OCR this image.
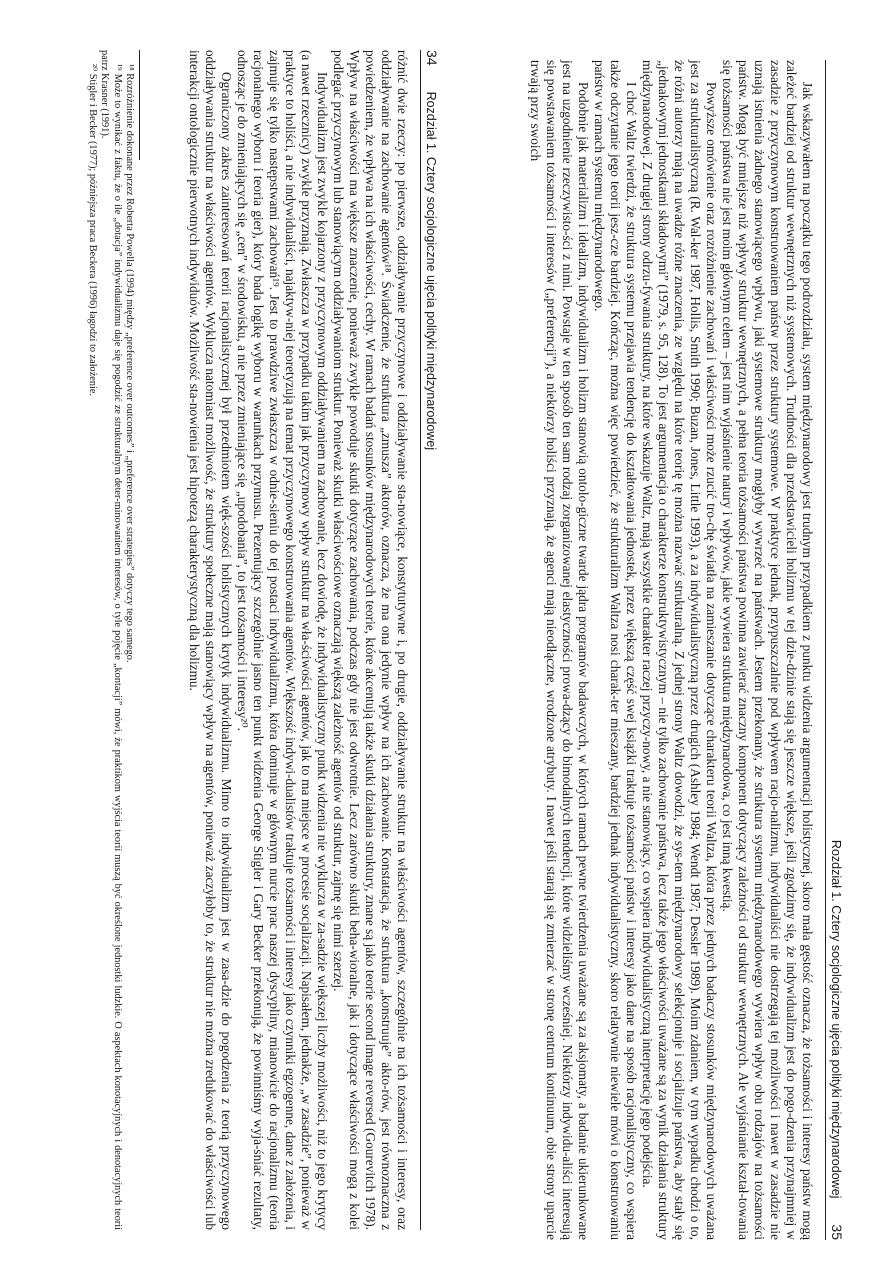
34
Rozdział 1. Cztery socjologiczne ujęcia polityki międzynarodowej

różnić dwie rzeczy: po pierwsze, oddziaływanie przyczynowe i oddziaływanie sta-nowiące, konstytutywne i, po drugie, oddziaływanie struktur na właściwości agentów, szczególnie na ich tożsamości i interesy, oraz oddziaływanie na zachowanie agentów¹⁸. Świadczenie, że struktura „zmusza” aktorów, oznacza, że ma ona jedynie wpływ na ich zachowanie. Konstatacja, że struktura „konstruuje” akto-rów, jest równoznaczna z powiedzeniem, że wpływa na ich właściwości, cechy. W ramach badań stosunków międzynarodowych teorie, które akcentują także skutki działania struktury, znane są jako teorie second image reversed (Gourevitch 1978). Wpływ na właściwości ma większe znaczenie, ponieważ zwykle powoduje skutki dotyczące zachowania, podczas gdy nie jest odwrotnie. Lecz zarówno skutki beha-wioralne, jak i dotyczące właściwości mogą z kolei podlegać przyczynowym lub stanowiącym oddziaływaniom struktur. Ponieważ skutki właściwościowe oznaczają większą zależność agentów od struktur, zajmę się nimi szerzej.

Indywidualizm jest zwykle kojarzony z przyczynowym oddziaływaniem na zachowanie, lecz dowiodę, że indywidualistyczny punkt widzenia nie wyklucza w za-sadzie większej liczby możliwości, niż to jego krytycy (a nawet rzecznicy) zwykle przyznają. Zwłaszcza w przypadku takim jak przyczynowy wpływ struktur na wła-ściwości agentów, jak to ma miejsce w procesie socjalizacji. Napisałem, jednakże, „w zasadzie”, ponieważ w praktyce to holiści, a nie indywidualiści, najaktyw-niej teoretyzują na temat przyczynowego konstruowania agentów. Większość indywi-dualistów traktuje tożsamości i interesy jako czynniki egzogenne, dane z założenia, i zajmuje się tylko następstwami zachowań¹⁹. Jest to prawdziwe zwłaszcza w odnie-sieniu do tej postaci indywidualizmu, która dominuje w głównym nurcie prac naszej dyscypliny, mianowicie do racjonalizmu (teoria racjonalnego wyboru i teoria gier), który bada logikę wyboru w warunkach przymusu. Prezentujący szczególnie jasno ten punkt widzenia George Stigler i Gary Becker przekonują, że powinniśmy wyja-śniać rezultaty, odnosząc je do zmieniających się „cen” w środowisku, a nie przez zmieniające się „upodobania”, to jest tożsamości i interesy²⁰.

Ograniczony zakres zainteresowań teorii racjonalistycznej był przedmiotem więk-szości holistycznych krytyk indywidualizmu. Mimo to indywidualizm jest w zasa-dzie do pogodzenia z teorią przyczynowego oddziaływania struktur na właściwości agentów. Wyklucza natomiast możliwość, że struktury społeczne mają stanowiący wpływ na agentów, ponieważ zaczyłoby to, że struktur nie można zredukować do właściwości lub interakcji ontologicznie pierwotnych indywiduów. Możliwość sta-nowienia jest hipotezą charakterystyczną dla holizmu.

¹⁸ Rozróżnienie dokonane przez Roberta Powella (1994) między „preference over outcomes” i „preference over strategies” dotyczy tego samego.

¹⁹ Może to wynikać z faktu, że o ile „dotacja” indywidualizmu daje się pogodzić ze strukturalnym deter-minowaniem interesów, o tyle pojęcie „kontacji” mówi, że praktikom wyjścia teorii muszą być określone jednostki ludzkie. O aspektach konotacyjnych i denotacyjnych teorii patrz Krasner (1991).

²⁰ Stigler i Becker (1977); późniejsza praca Beckera (1996) łagodzi to założenie.

Rozdział 1. Cztery socjologiczne ujęcia polityki międzynarodowej
35

Jak wskazywałem na początku tego podrozdziału, system międzynarodowy jest trudnym przypadkiem z punktu widzenia argumentacji holistycznej, skoro mała gęstość oznacza, że tożsamości i interesy państw mogą zależeć bardziej od struktur wewnętrznych niż systemowych. Trudności dla przedstawicieli holizmu w tej dzie-dzinie stają się jeszcze większe, jeśli zgodzimy się, że indywidualizm jest do pogo-dzenia przynajmniej w zasadzie z przyczynowym konstruowaniem państw przez struktury systemowe. W praktyce jednak, przypuszczalnie pod wpływem racjo-nalizmu, indywidualiści nie dostrzegają tej możliwości i nawet w zasadzie nie uznają istnienia żadnego stanowiącego wpływu, jaki systemowe struktury mogłyby wywrzeć na państwach. Jestem przekonany, że struktura systemu międzynarodowego wywiera wpływ obu rodzajów na tożsamości państw. Mogą być mniejsze niż wpływy struktur wewnętrznych, a pełna teoria tożsamości państwa powinna zawierać znaczny komponent dotyczący zależności od struktur wewnętrznych. Ale wyjaśnianie kształ-towania się tożsamości państwa nie jest moim głównym celem – jest nim wyjaśnienie natury i wpływów, jakie wywiera struktura międzynarodowa, co jest inną kwestią.

Powyższe omówienie oraz rozróżnienie zachowań i właściwości może rzucić tro-chę światła na zamieszanie dotyczące charakteru teorii Waltza, która przez jednych badaczy stosunków międzynarodowych uważana jest za strukturalistyczną (R. Wal-ker 1987, Hollis, Smith 1990; Buzan, Jones, Little 1993), a za indywidualistyczną przez drugich (Ashley 1984; Wendt 1987; Dessler 1989). Moim zdaniem, w tym wypadku chodzi o to, że różni autorzy mają na uwadze różne znaczenia, ze względu na które teorię tę można nazwać strukturalną. Z jednej strony Waltz dowodzi, że sys-tem międzynarodowy selekcjonuje i socjalizuje państwa, aby stały się „jednakowymi jednostkami składowymi” (1979, s. 95, 128). To jest argumentacja o charakterze konstruktywistycznym – nie tylko zachowanie państwa, lecz także jego właściwości uważane są za wynik działania struktury międzynarodowej. Z drugiej strony odrzu-fywania struktury, na które wskazuje Waltz, mają wszystkie charakter raczej przyczy-nowy, a nie stanowiący, co wspiera indywidualistyczną interpretację jego podejścia.

I choć Waltz twierdzi, że struktura systemu przejawia tendencję do kształtowania jednostek, przez większą część swej książki traktuje tożsamości państw i interesy jako dane na sposób racjonalistyczny, co wspiera także odczytanie jego teorii jesz-cze bardziej. Kończąc, można więc powiedzieć, że strukturalizm Waltza nosi charak-ter mieszany, bardziej jednak indywidualistyczny, skoro relatywnie niewiele mówi o konstruowaniu państw w ramach systemu międzynarodowego.

Podobnie jak materializm i idealizm, indywidualizm i holizm stanowią ontolo-giczne twarde jądra programów badawczych, w których ramach pewne twierdzenia uważane są za aksjomaty, a badanie ukierunkowane jest na uzgodnienie rzeczywisto-ści z nimi. Powstaje w ten sposób ten sam rodzaj zorganizowanej elastyczności prowa-dzący do bimodalnych tendencji, które widzieliśmy wcześniej. Niektórzy indywidu-aliści interesują się powstawaniem tożsamości i interesów („preferencji”), a niektórzy holiści przyznają, że agenci mają nieodłączne, wrodzone atrybuty. I nawet jeśli starają się zmierzać w stronę centrum kontinuum, obie strony uparcie trwają przy swoich
